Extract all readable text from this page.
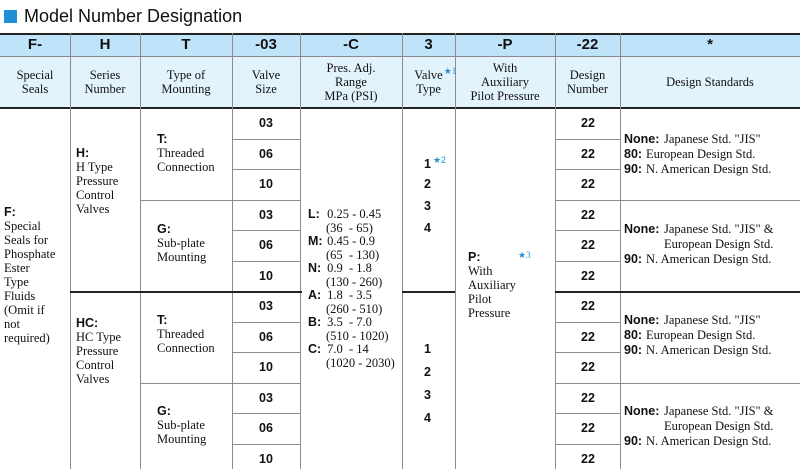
Model Number Designation
F-
Special
Seals
H
Series
Number
T
Type of
Mounting
-03
Valve
Size
-C
Pres. Adj.
Range
MPa (PSI)
3
Valve ★1
Type
-P
With
Auxiliary
Pilot Pressure
-22
Design
Number
*
Design Standards
F:
Special
Seals for
Phosphate
Ester
Type
Fluids
(Omit if
not
required)
H:
H Type
Pressure
Control
Valves
HC:
HC Type
Pressure
Control
Valves
T:
Threaded
Connection
G:
Sub-plate
Mounting
T:
Threaded
Connection
G:
Sub-plate
Mounting
03
06
10
03
06
10
03
06
10
03
06
10
22
22
22
22
22
22
22
22
22
22
22
22
L: 0.25 - 0.45
(36  - 65)
M: 0.45 - 0.9
(65  - 130)
N: 0.9  - 1.8
(130 - 260)
A: 1.8  - 3.5
(260 - 510)
B: 3.5  - 7.0
(510 - 1020)
C: 7.0  - 14
(1020 - 2030)
1 $^{★2}$
2
3
4
1
2
3
4
P:	★3
With
Auxiliary
Pilot
Pressure
None: Japanese Std. "JIS"
80: European Design Std.
90: N. American Design Std.
None: Japanese Std. "JIS" &
European Design Std.
90: N. American Design Std.
None: Japanese Std. "JIS"
80: European Design Std.
90: N. American Design Std.
None: Japanese Std. "JIS" &
European Design Std.
90: N. American Design Std.
